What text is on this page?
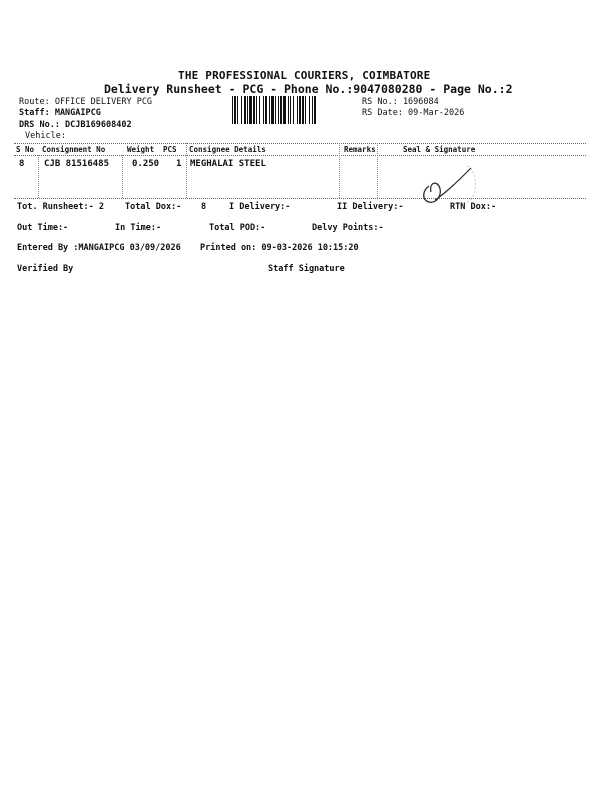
THE PROFESSIONAL COURIERS, COIMBATORE
Delivery Runsheet - PCG - Phone No.:9047080280 - Page No.:2
Route: OFFICE DELIVERY PCG
Staff: MANGAIPCG
DRS No.: DCJB169608402
Vehicle:
RS No.: 1696084
RS Date: 09-Mar-2026
S No Consignment No	Weight PCS Consignee Details	Remarks	Seal & Signature
8 CJB 81516485	0.250 1 MEGHALAI STEEL
Tot. Runsheet:- 2 Total Dox:- 8	I Delivery:-	II Delivery:-	RTN Dox:-
Out Time:-	In Time:-	Total POD:-	Delvy Points:-
Entered By :MANGAIPCG 03/09/2026 Printed on: 09-03-2026 10:15:20
Verified By	Staff Signature
